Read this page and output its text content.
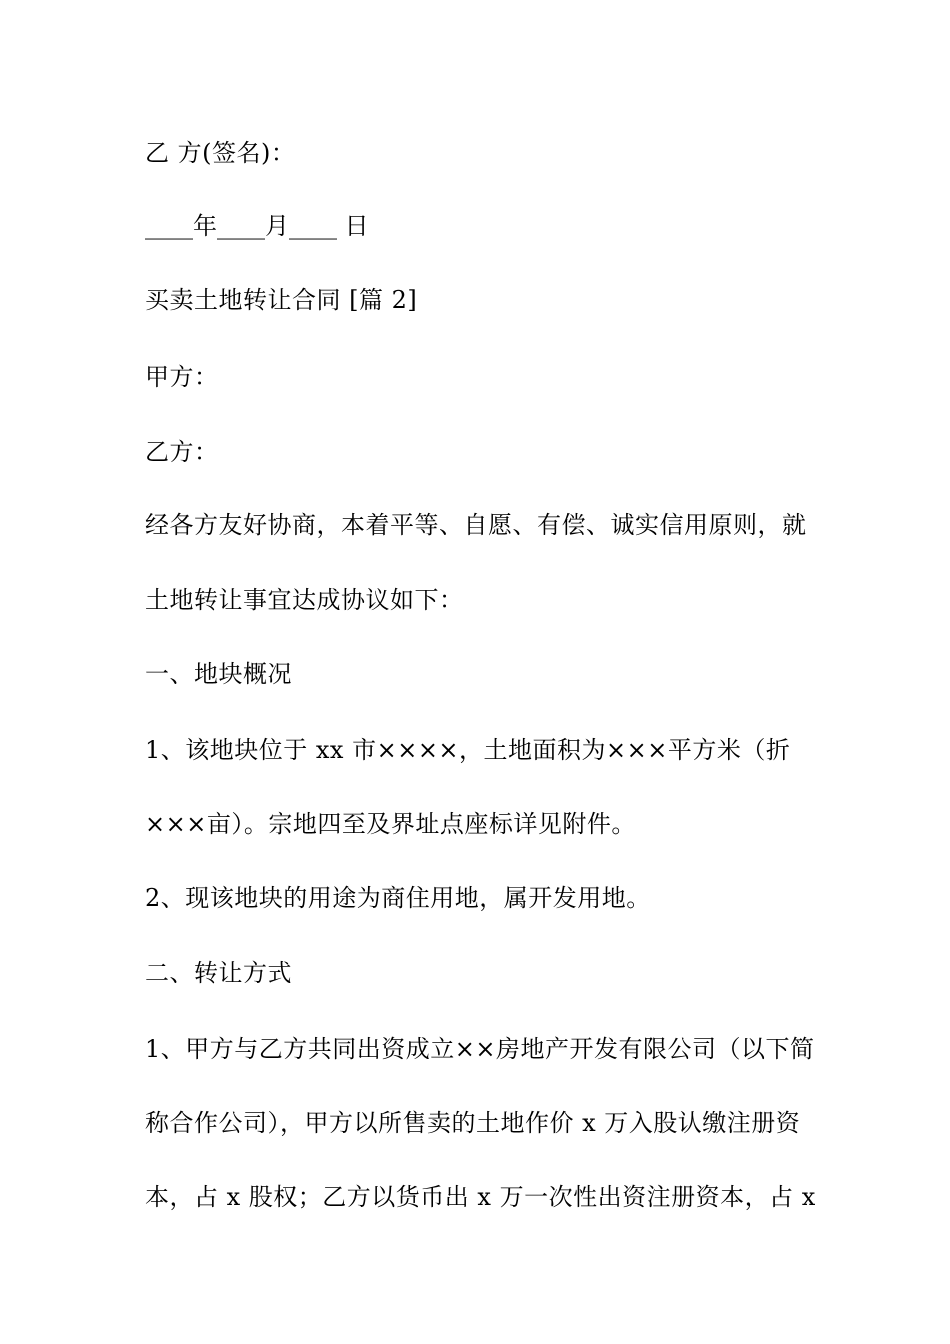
乙 方(签名)：
____年____月____ 日
买卖土地转让合同 [篇 2]
甲方：
乙方：
经各方友好协商，本着平等、自愿、有偿、诚实信用原则，就
土地转让事宜达成协议如下：
一、地块概况
1、该地块位于 xx 市××××，土地面积为×××平方米（折
×××亩）。宗地四至及界址点座标详见附件。
2、现该地块的用途为商住用地，属开发用地。
二、转让方式
1、甲方与乙方共同出资成立××房地产开发有限公司（以下简
称合作公司），甲方以所售卖的土地作价 x 万入股认缴注册资
本，占 x 股权；乙方以货币出 x 万一次性出资注册资本，占 x
